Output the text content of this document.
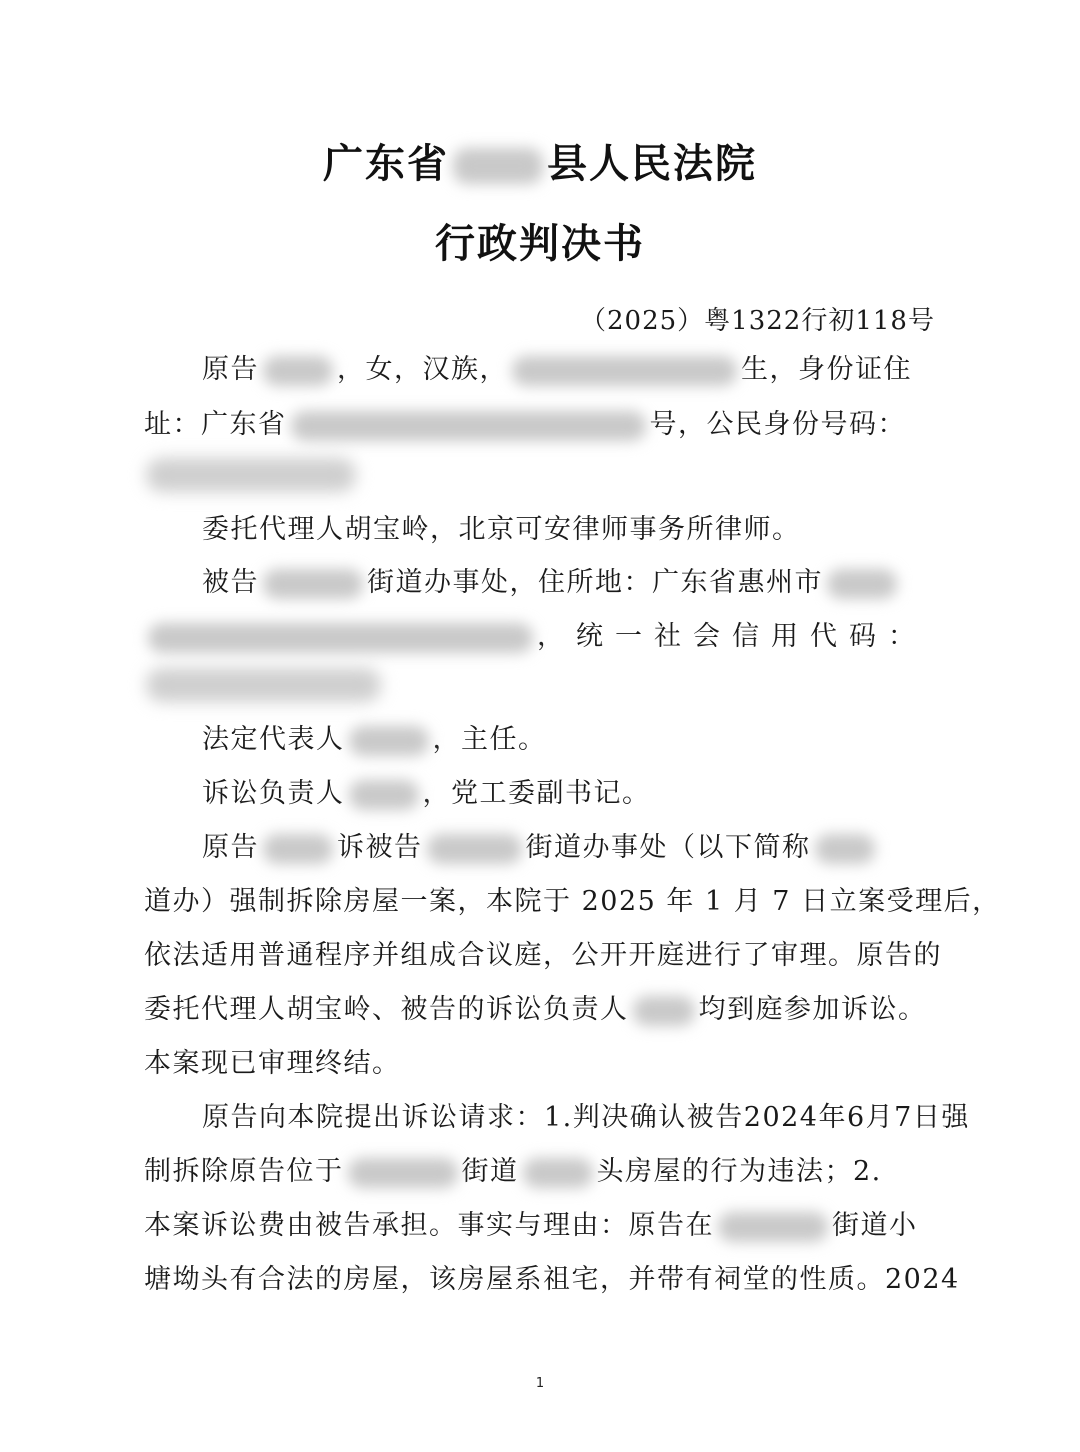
广东省 县人民法院
行政判决书
（2025）粤1322行初118号
原告	，女，汉族，	生，身份证住
址：广东省	号，公民身份号码：
委托代理人胡宝岭，北京可安律师事务所律师。
被告	街道办事处，住所地：广东省惠州市
，统一社会信用代码：
法定代表人	，主任。
诉讼负责人	，党工委副书记。
原告	诉被告	街道办事处（以下简称
道办）强制拆除房屋一案，本院于 2025 年 1 月 7 日立案受理后，
依法适用普通程序并组成合议庭，公开开庭进行了审理。原告的
委托代理人胡宝岭、被告的诉讼负责人	均到庭参加诉讼。
本案现已审理终结。
原告向本院提出诉讼请求：1.判决确认被告2024年6月7日强
制拆除原告位于	街道	头房屋的行为违法；2.
本案诉讼费由被告承担。事实与理由：原告在	街道小
塘坳头有合法的房屋，该房屋系祖宅，并带有祠堂的性质。2024
1
